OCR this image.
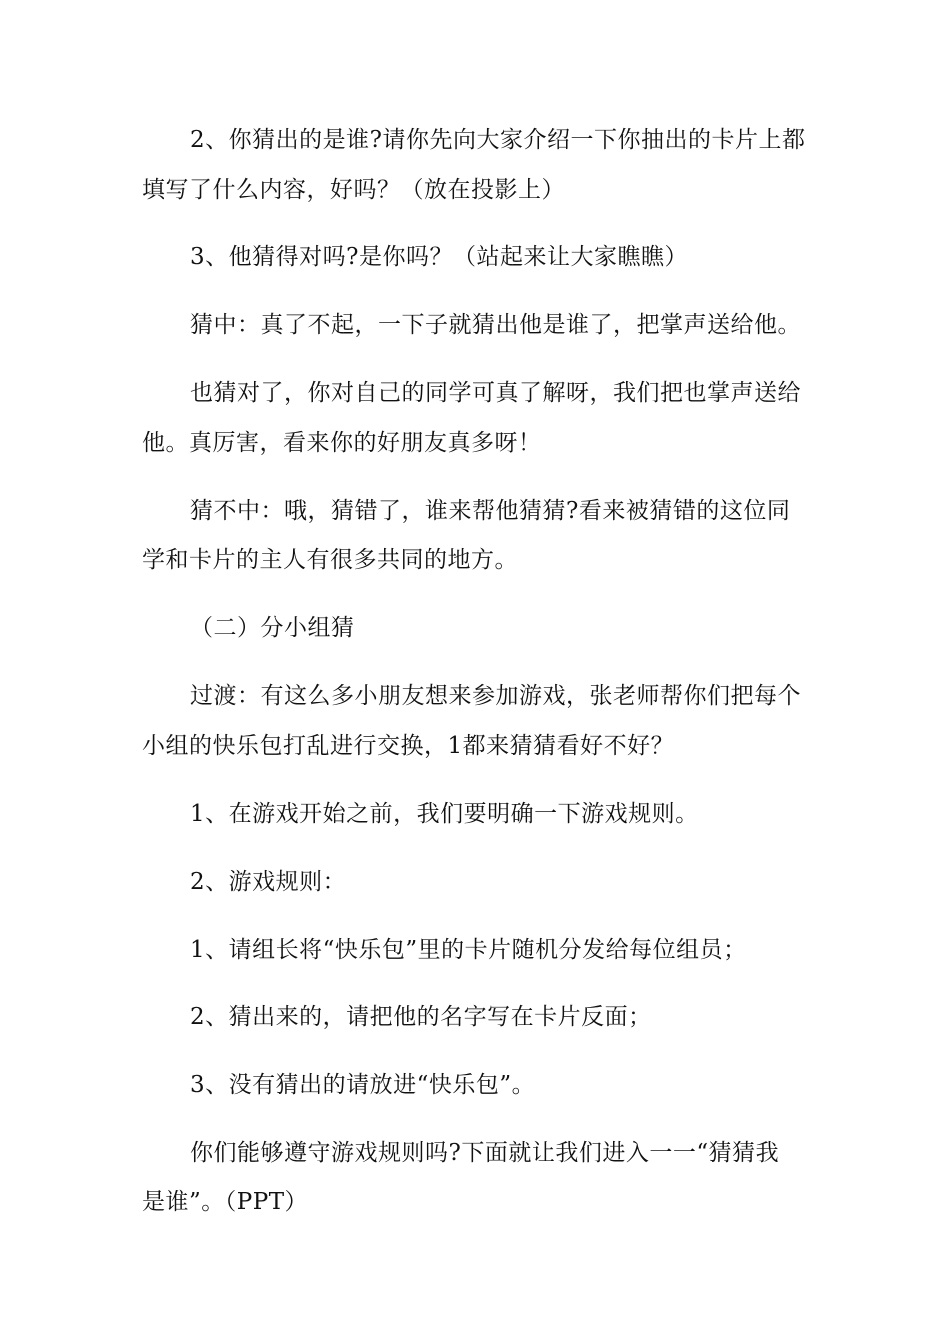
2、你猜出的是谁?请你先向大家介绍一下你抽出的卡片上都
填写了什么内容，好吗？（放在投影上）
3、他猜得对吗?是你吗？（站起来让大家瞧瞧）
猜中：真了不起，一下子就猜出他是谁了，把掌声送给他。
也猜对了，你对自己的同学可真了解呀，我们把也掌声送给
他。真厉害，看来你的好朋友真多呀！
猜不中：哦，猜错了，谁来帮他猜猜?看来被猜错的这位同
学和卡片的主人有很多共同的地方。
（二）分小组猜
过渡：有这么多小朋友想来参加游戏，张老师帮你们把每个
小组的快乐包打乱进行交换，1都来猜猜看好不好？
1、在游戏开始之前，我们要明确一下游戏规则。
2、游戏规则：
1、请组长将“快乐包”里的卡片随机分发给每位组员；
2、猜出来的，请把他的名字写在卡片反面；
3、没有猜出的请放进“快乐包”。
你们能够遵守游戏规则吗?下面就让我们进入一一“猜猜我
是谁”。（PPT）
